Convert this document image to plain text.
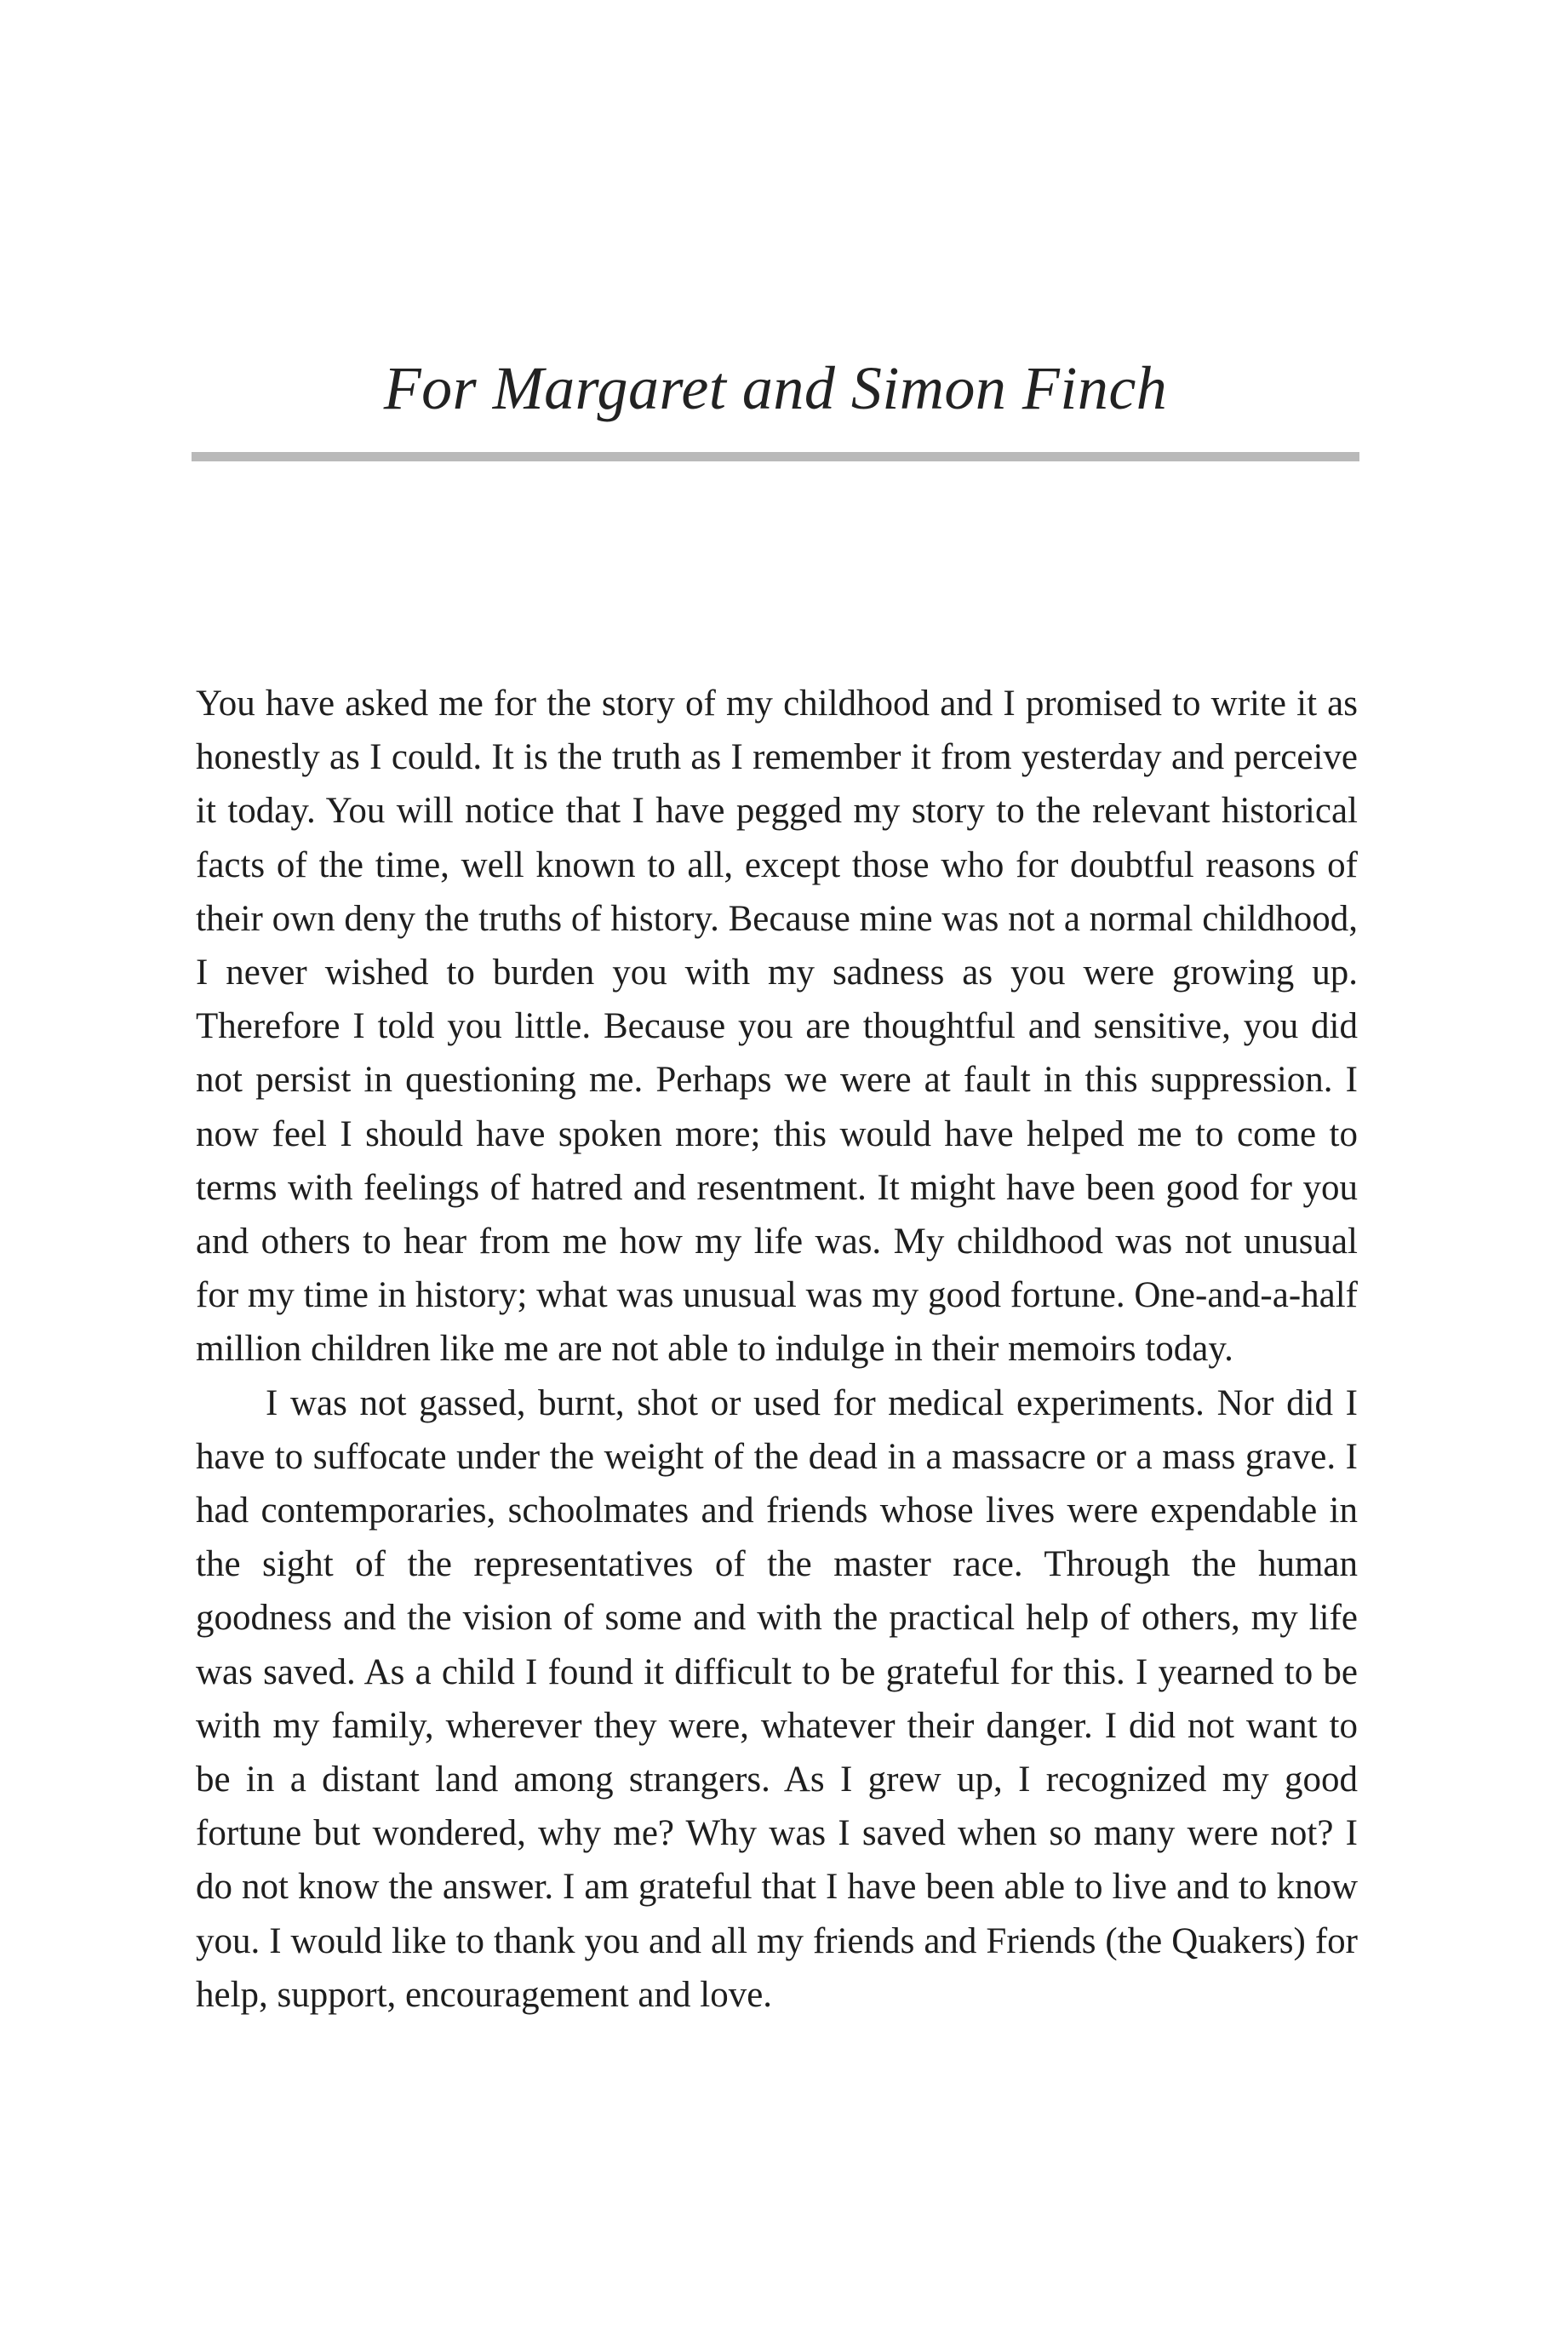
For Margaret and Simon Finch

You have asked me for the story of my childhood and I promised to write it as honestly as I could. It is the truth as I remember it from yesterday and perceive it today. You will notice that I have pegged my story to the relevant historical facts of the time, well known to all, except those who for doubtful reasons of their own deny the truths of history. Because mine was not a normal childhood, I never wished to burden you with my sadness as you were growing up. Therefore I told you little. Because you are thoughtful and sensitive, you did not persist in questioning me. Perhaps we were at fault in this suppression. I now feel I should have spoken more; this would have helped me to come to terms with feelings of hatred and resentment. It might have been good for you and others to hear from me how my life was. My childhood was not unusual for my time in history; what was unusual was my good fortune. One-and-a-half million children like me are not able to indulge in their memoirs today.

I was not gassed, burnt, shot or used for medical experiments. Nor did I have to suffocate under the weight of the dead in a massacre or a mass grave. I had contemporaries, schoolmates and friends whose lives were expendable in the sight of the representatives of the master race. Through the human goodness and the vision of some and with the practical help of others, my life was saved. As a child I found it difficult to be grateful for this. I yearned to be with my family, wherever they were, whatever their danger. I did not want to be in a distant land among strangers. As I grew up, I recognized my good fortune but wondered, why me? Why was I saved when so many were not? I do not know the answer. I am grateful that I have been able to live and to know you. I would like to thank you and all my friends and Friends (the Quakers) for help, support, encouragement and love.
